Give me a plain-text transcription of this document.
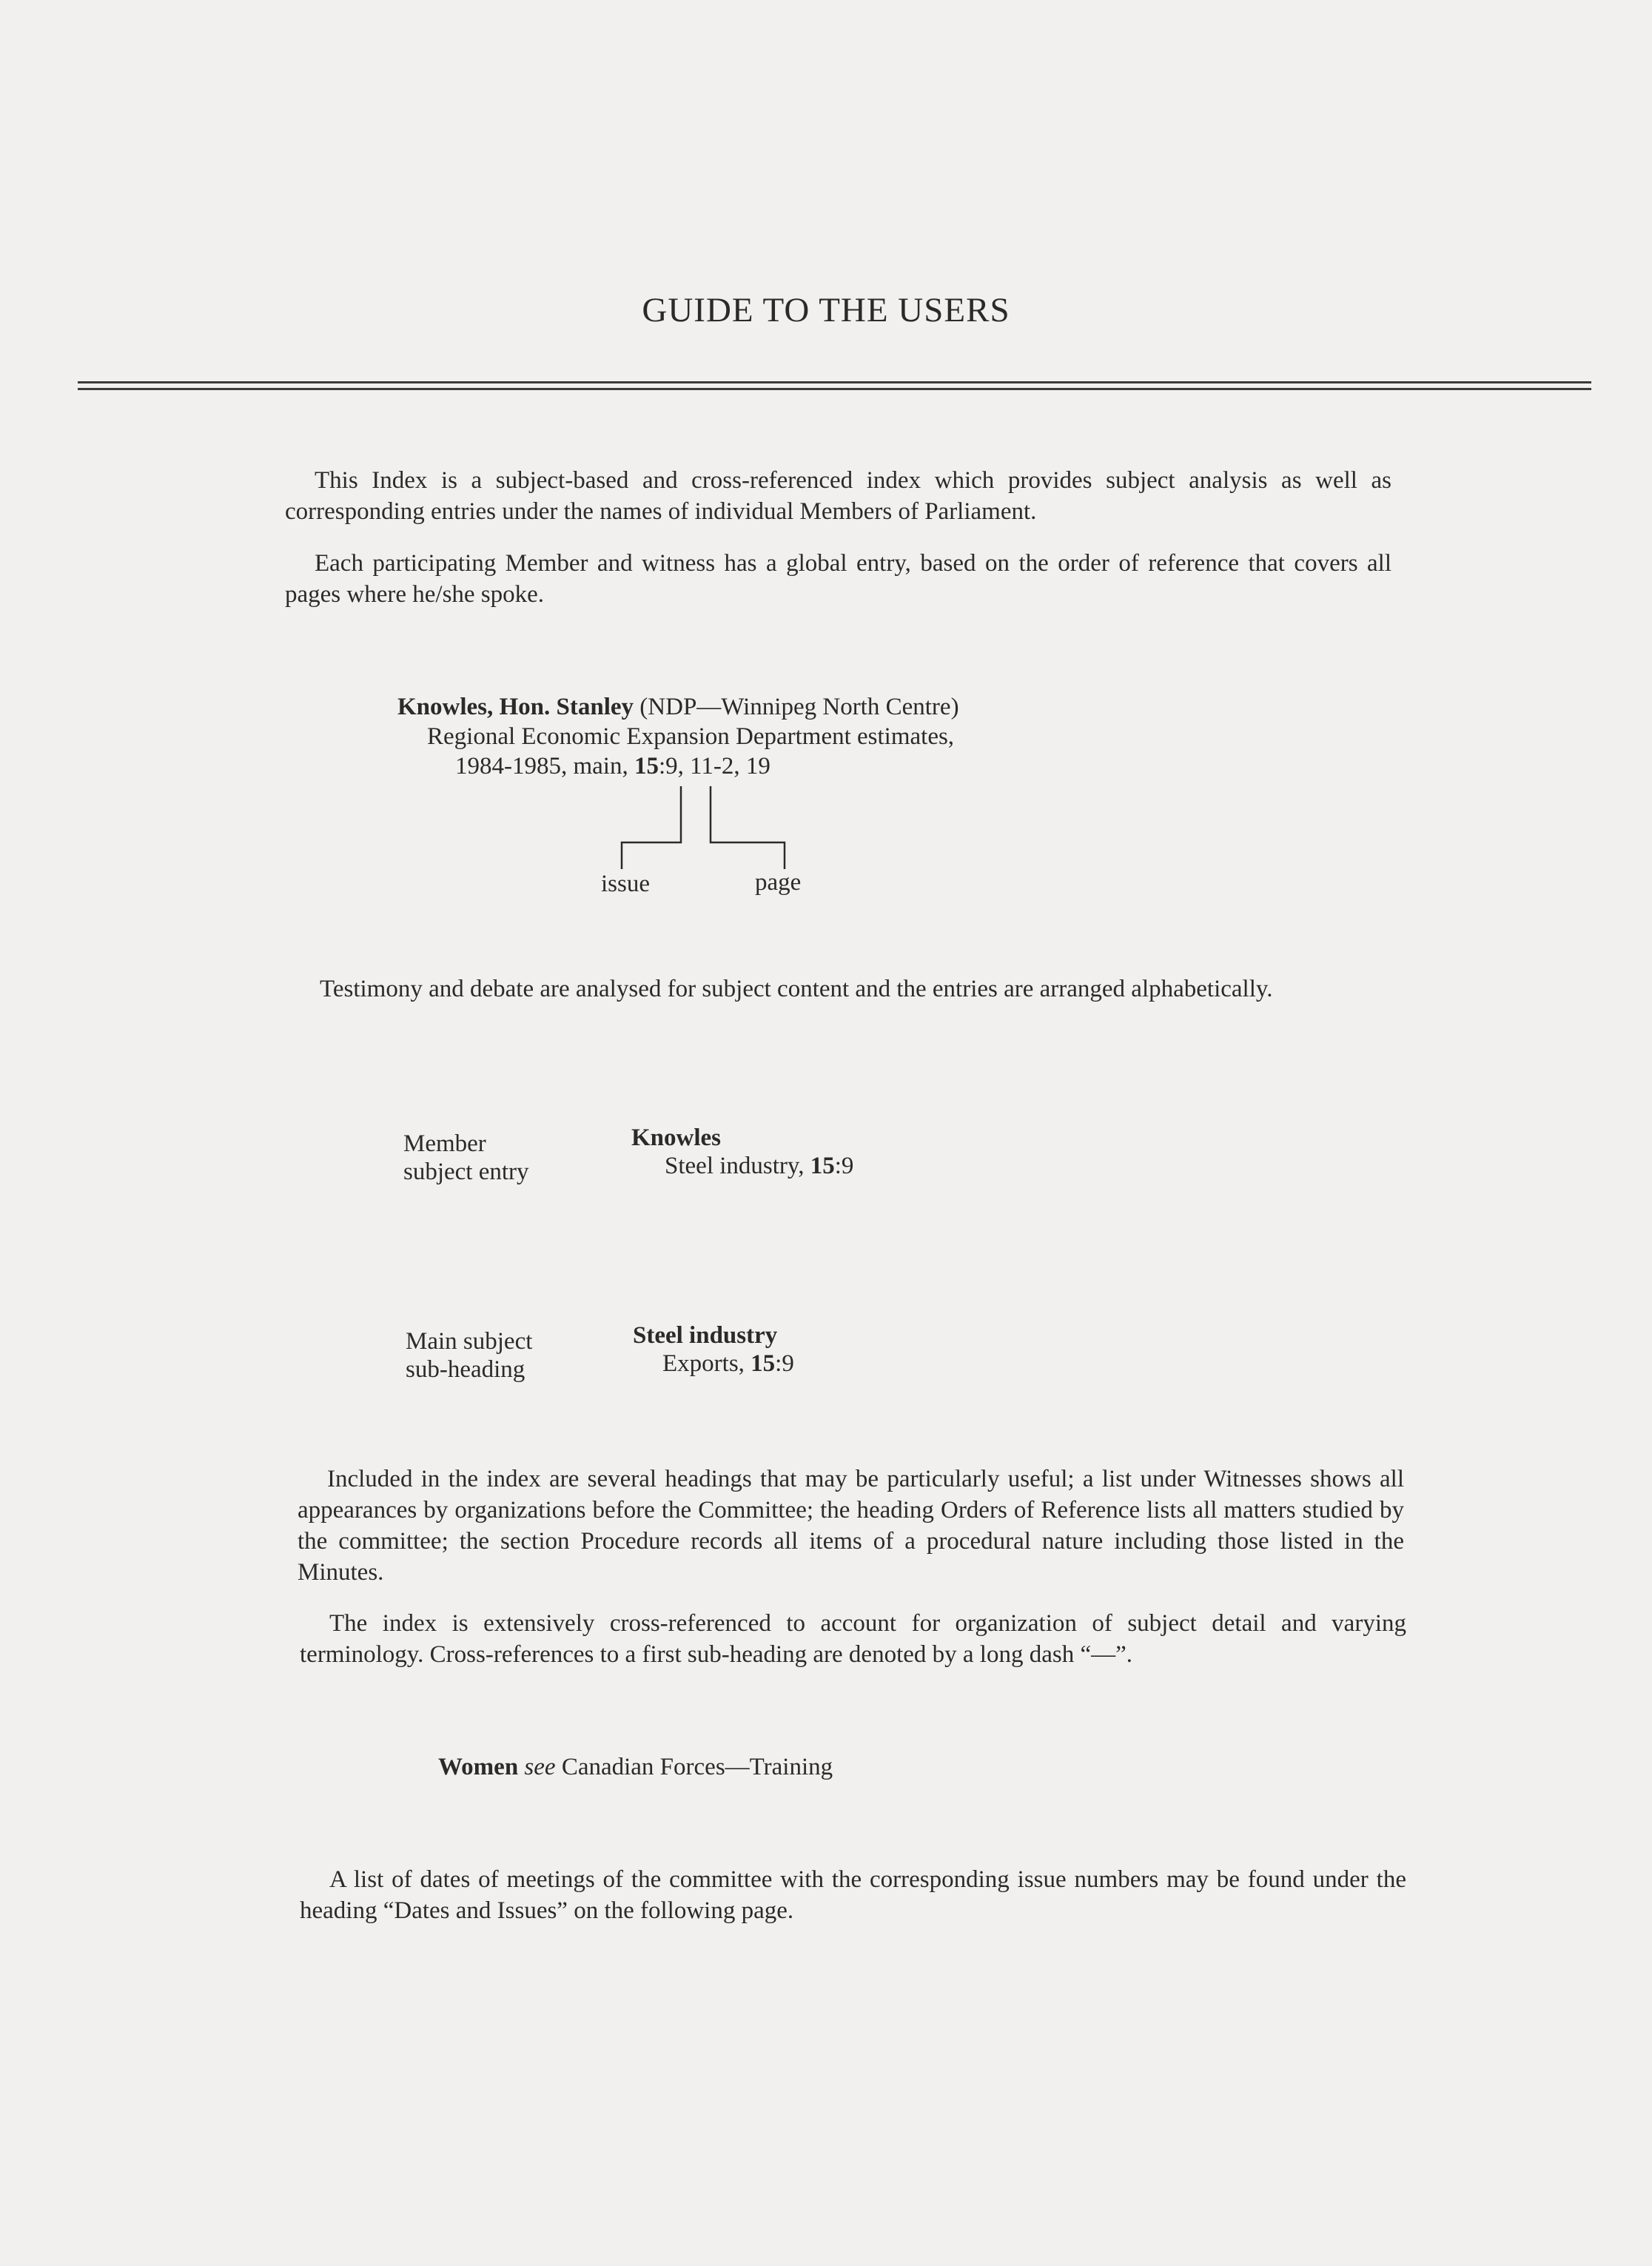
GUIDE TO THE USERS
This Index is a subject-based and cross-referenced index which provides subject analysis as well as corresponding entries under the names of individual Members of Parliament.
Each participating Member and witness has a global entry, based on the order of reference that covers all pages where he/she spoke.
Knowles, Hon. Stanley (NDP—Winnipeg North Centre)
Regional Economic Expansion Department estimates,
1984-1985, main, 15:9, 11-2, 19
issue	page
Testimony and debate are analysed for subject content and the entries are arranged alphabetically.
Member
subject entry
Knowles
Steel industry, 15:9
Main subject
sub-heading
Steel industry
Exports, 15:9
Included in the index are several headings that may be particularly useful; a list under Witnesses shows all appearances by organizations before the Committee; the heading Orders of Reference lists all matters studied by the committee; the section Procedure records all items of a procedural nature including those listed in the Minutes.
The index is extensively cross-referenced to account for organization of subject detail and varying terminology. Cross-references to a first sub-heading are denoted by a long dash “—”.
Women see Canadian Forces—Training
A list of dates of meetings of the committee with the corresponding issue numbers may be found under the heading “Dates and Issues” on the following page.
